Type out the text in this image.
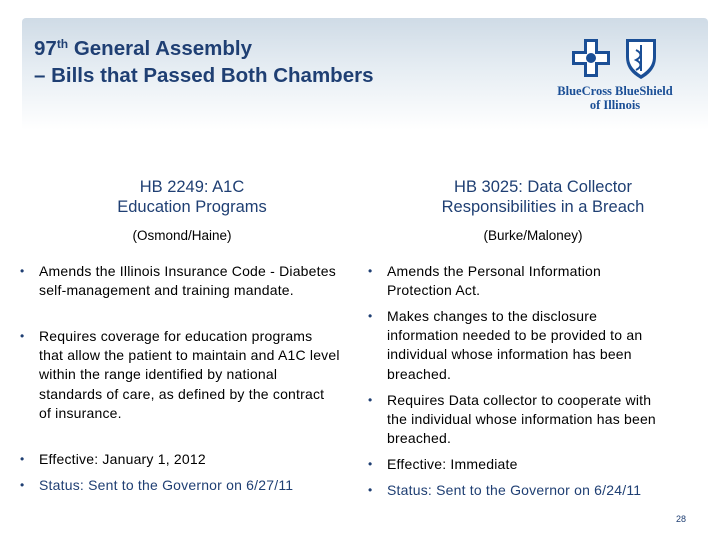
97th General Assembly
– Bills that Passed Both Chambers
BlueCross BlueShield
of Illinois
HB 2249: A1C
Education Programs
(Osmond/Haine)
• Amends the Illinois Insurance Code - Diabetes self-management and training mandate.
• Requires coverage for education programs that allow the patient to maintain and A1C level within the range identified by national standards of care, as defined by the contract of insurance.
• Effective: January 1, 2012
• Status: Sent to the Governor on 6/27/11
HB 3025: Data Collector
Responsibilities in a Breach
(Burke/Maloney)
• Amends the Personal Information Protection Act.
• Makes changes to the disclosure information needed to be provided to an individual whose information has been breached.
• Requires Data collector to cooperate with the individual whose information has been breached.
• Effective: Immediate
• Status: Sent to the Governor on 6/24/11
28
